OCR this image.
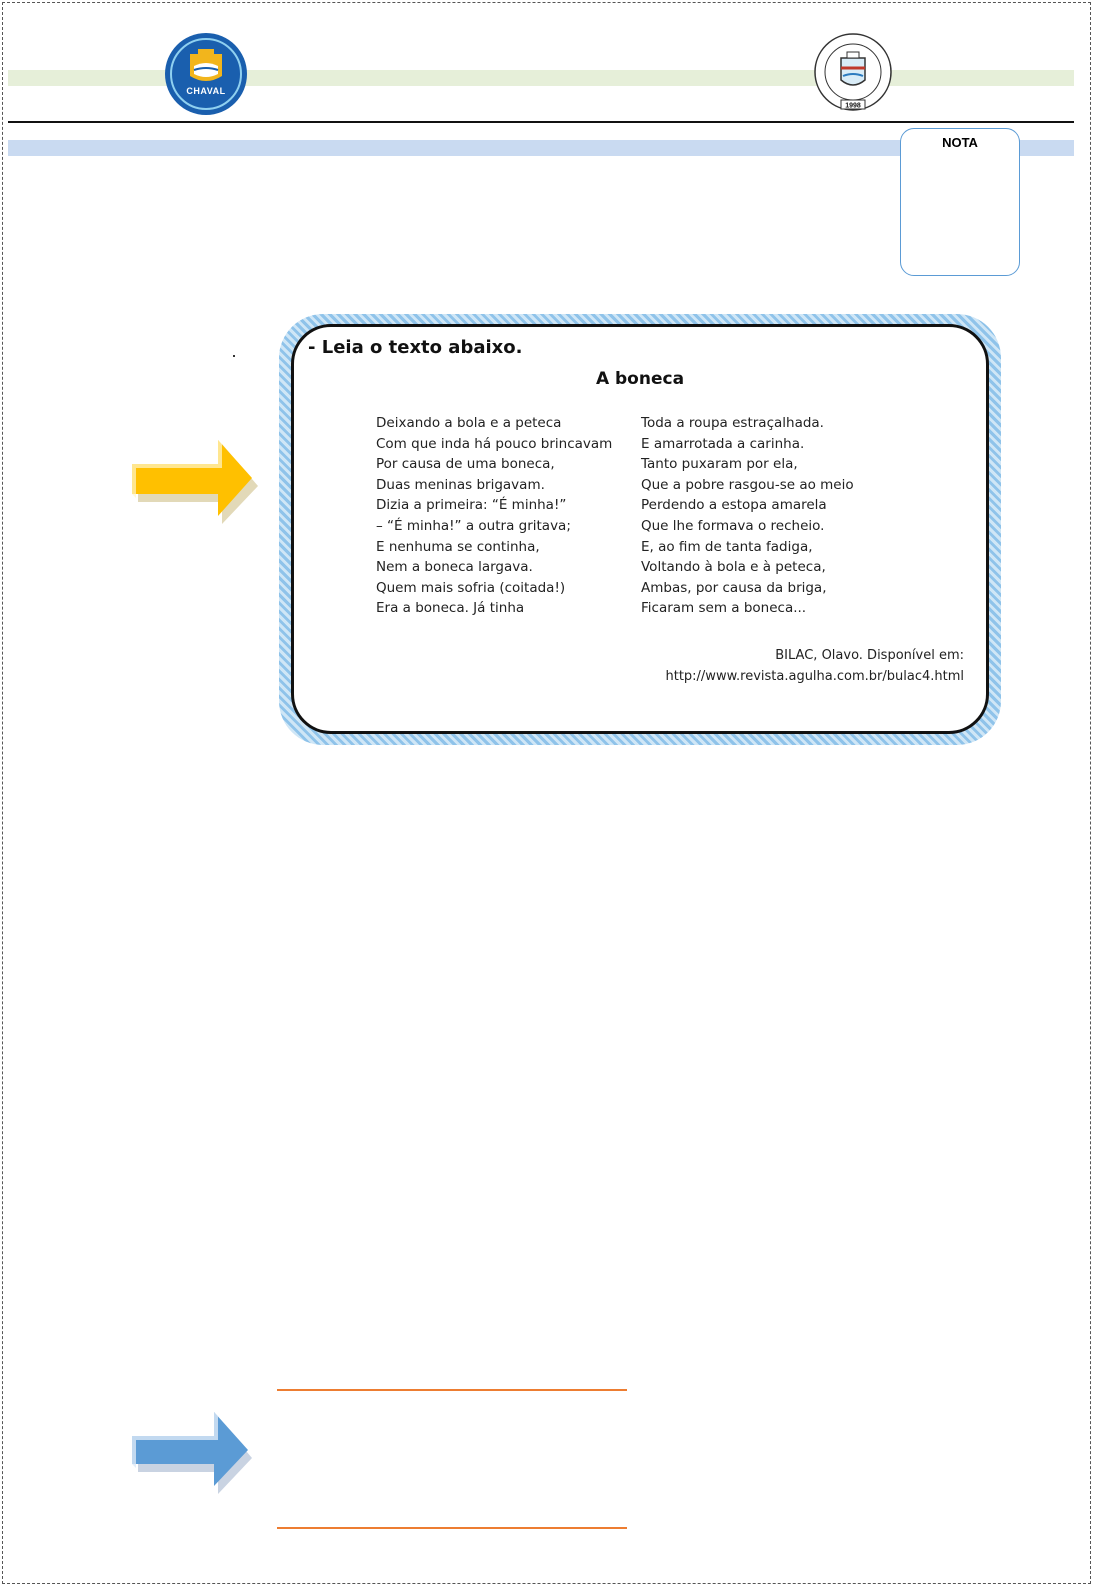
CHAVAL
1998
NOTA
- Leia o texto abaixo.
A boneca
Deixando a bola e a peteca
Com que inda há pouco brincavam
Por causa de uma boneca,
Duas meninas brigavam.
Dizia a primeira: “É minha!”
– “É minha!” a outra gritava;
E nenhuma se continha,
Nem a boneca largava.
Quem mais sofria (coitada!)
Era a boneca. Já tinha
Toda a roupa estraçalhada.
E amarrotada a carinha.
Tanto puxaram por ela,
Que a pobre rasgou-se ao meio
Perdendo a estopa amarela
Que lhe formava o recheio.
E, ao fim de tanta fadiga,
Voltando à bola e à peteca,
Ambas, por causa da briga,
Ficaram sem a boneca...
BILAC, Olavo. Disponível em:
http://www.revista.agulha.com.br/bulac4.html
